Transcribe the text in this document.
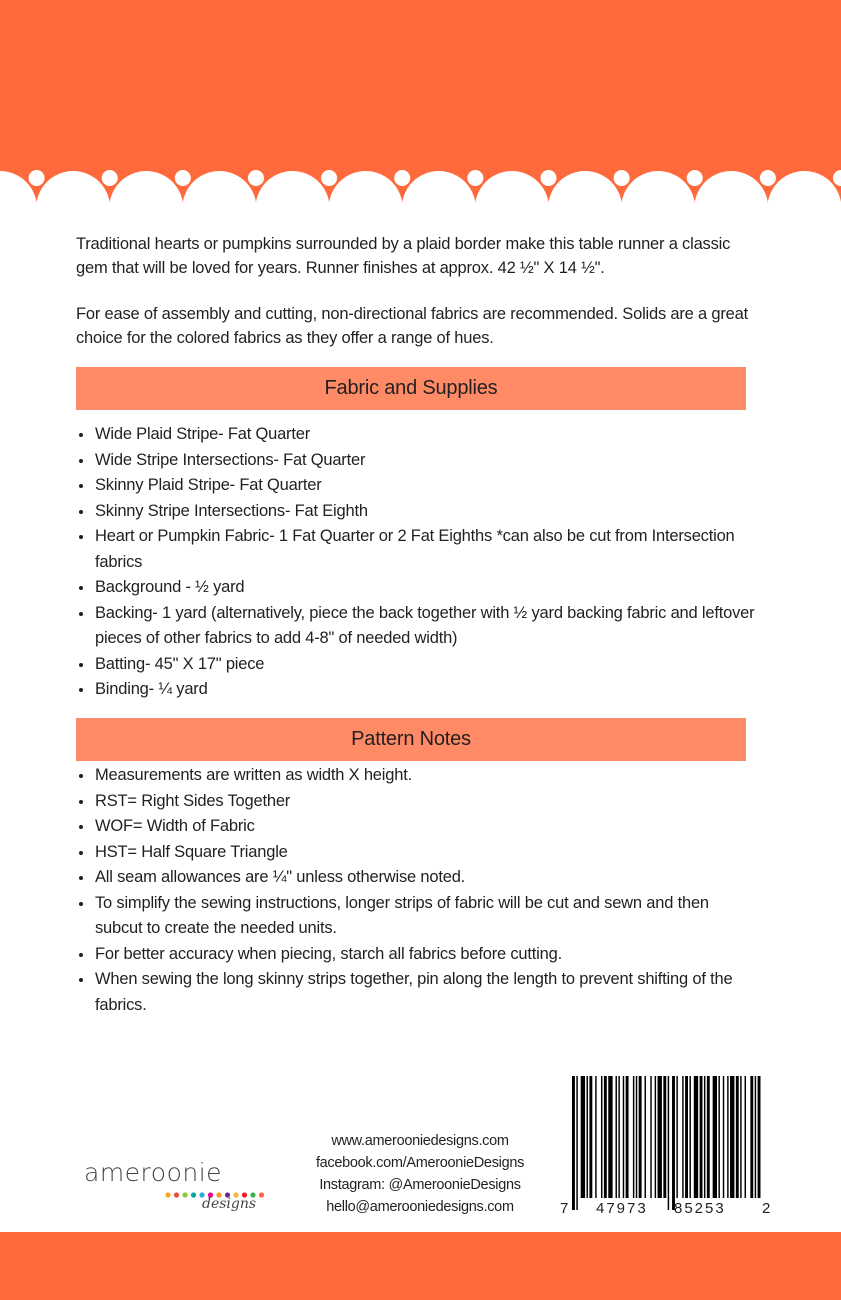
Traditional hearts or pumpkins surrounded by a plaid border make this table runner a classic gem that will be loved for years. Runner finishes at approx. 42 ½" X 14 ½".

For ease of assembly and cutting, non-directional fabrics are recommended. Solids are a great choice for the colored fabrics as they offer a range of hues.

Fabric and Supplies
Wide Plaid Stripe- Fat Quarter
Wide Stripe Intersections- Fat Quarter
Skinny Plaid Stripe- Fat Quarter
Skinny Stripe Intersections- Fat Eighth
Heart or Pumpkin Fabric- 1 Fat Quarter or 2 Fat Eighths *can also be cut from Intersection fabrics
Background - ½ yard
Backing- 1 yard (alternatively, piece the back together with ½ yard backing fabric and leftover pieces of other fabrics to add 4-8" of needed width)
Batting- 45" X 17" piece
Binding- ¼ yard
Pattern Notes
Measurements are written as width X height.
RST= Right Sides Together
WOF= Width of Fabric
HST= Half Square Triangle
All seam allowances are ¼" unless otherwise noted.
To simplify the sewing instructions, longer strips of fabric will be cut and sewn and then subcut to create the needed units.
For better accuracy when piecing, starch all fabrics before cutting.
When sewing the long skinny strips together, pin along the length to prevent shifting of the fabrics.
ameroonie
designs
www.amerooniedesigns.com
facebook.com/AmeroonieDesigns
Instagram: @AmeroonieDesigns
hello@amerooniedesigns.com	7 47973 85253 2
